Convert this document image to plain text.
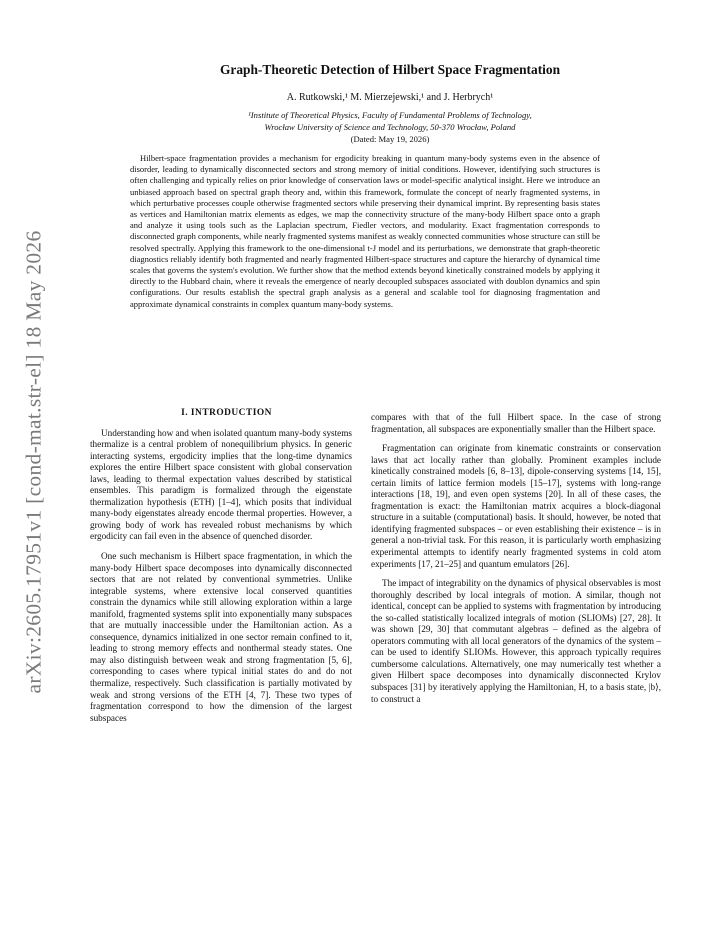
arXiv:2605.17951v1 [cond-mat.str-el] 18 May 2026
Graph-Theoretic Detection of Hilbert Space Fragmentation
A. Rutkowski,¹ M. Mierzejewski,¹ and J. Herbrych¹
¹Institute of Theoretical Physics, Faculty of Fundamental Problems of Technology,
Wrocław University of Science and Technology, 50-370 Wrocław, Poland
(Dated: May 19, 2026)

Hilbert-space fragmentation provides a mechanism for ergodicity breaking in quantum many-body systems even in the absence of disorder, leading to dynamically disconnected sectors and strong memory of initial conditions. However, identifying such structures is often challenging and typically relies on prior knowledge of conservation laws or model-specific analytical insight. Here we introduce an unbiased approach based on spectral graph theory and, within this framework, formulate the concept of nearly fragmented systems, in which perturbative processes couple otherwise fragmented sectors while preserving their dynamical imprint. By representing basis states as vertices and Hamiltonian matrix elements as edges, we map the connectivity structure of the many-body Hilbert space onto a graph and analyze it using tools such as the Laplacian spectrum, Fiedler vectors, and modularity. Exact fragmentation corresponds to disconnected graph components, while nearly fragmented systems manifest as weakly connected communities whose structure can still be resolved spectrally. Applying this framework to the one-dimensional t-J model and its perturbations, we demonstrate that graph-theoretic diagnostics reliably identify both fragmented and nearly fragmented Hilbert-space structures and capture the hierarchy of dynamical time scales that governs the system's evolution. We further show that the method extends beyond kinetically constrained models by applying it directly to the Hubbard chain, where it reveals the emergence of nearly decoupled subspaces associated with doublon dynamics and spin configurations. Our results establish the spectral graph analysis as a general and scalable tool for diagnosing fragmentation and approximate dynamical constraints in complex quantum many-body systems.

I. INTRODUCTION

Understanding how and when isolated quantum many-body systems thermalize is a central problem of nonequilibrium physics. In generic interacting systems, ergodicity implies that the long-time dynamics explores the entire Hilbert space consistent with global conservation laws, leading to thermal expectation values described by statistical ensembles. This paradigm is formalized through the eigenstate thermalization hypothesis (ETH) [1–4], which posits that individual many-body eigenstates already encode thermal properties. However, a growing body of work has revealed robust mechanisms by which ergodicity can fail even in the absence of quenched disorder.

One such mechanism is Hilbert space fragmentation, in which the many-body Hilbert space decomposes into dynamically disconnected sectors that are not related by conventional symmetries. Unlike integrable systems, where extensive local conserved quantities constrain the dynamics while still allowing exploration within a large manifold, fragmented systems split into exponentially many subspaces that are mutually inaccessible under the Hamiltonian action. As a consequence, dynamics initialized in one sector remain confined to it, leading to strong memory effects and nonthermal steady states. One may also distinguish between weak and strong fragmentation [5, 6], corresponding to cases where typical initial states do and do not thermalize, respectively. Such classification is partially motivated by weak and strong versions of the ETH [4, 7]. These two types of fragmentation correspond to how the dimension of the largest subspaces

compares with that of the full Hilbert space. In the case of strong fragmentation, all subspaces are exponentially smaller than the Hilbert space.

Fragmentation can originate from kinematic constraints or conservation laws that act locally rather than globally. Prominent examples include kinetically constrained models [6, 8–13], dipole-conserving systems [14, 15], certain limits of lattice fermion models [15–17], systems with long-range interactions [18, 19], and even open systems [20]. In all of these cases, the fragmentation is exact: the Hamiltonian matrix acquires a block-diagonal structure in a suitable (computational) basis. It should, however, be noted that identifying fragmented subspaces – or even establishing their existence – is in general a non-trivial task. For this reason, it is particularly worth emphasizing experimental attempts to identify nearly fragmented systems in cold atom experiments [17, 21–25] and quantum emulators [26].

The impact of integrability on the dynamics of physical observables is most thoroughly described by local integrals of motion. A similar, though not identical, concept can be applied to systems with fragmentation by introducing the so-called statistically localized integrals of motion (SLIOMs) [27, 28]. It was shown [29, 30] that commutant algebras – defined as the algebra of operators commuting with all local generators of the dynamics of the system – can be used to identify SLIOMs. However, this approach typically requires cumbersome calculations. Alternatively, one may numerically test whether a given Hilbert space decomposes into dynamically disconnected Krylov subspaces [31] by iteratively applying the Hamiltonian, H, to a basis state, |b⟩, to construct a
